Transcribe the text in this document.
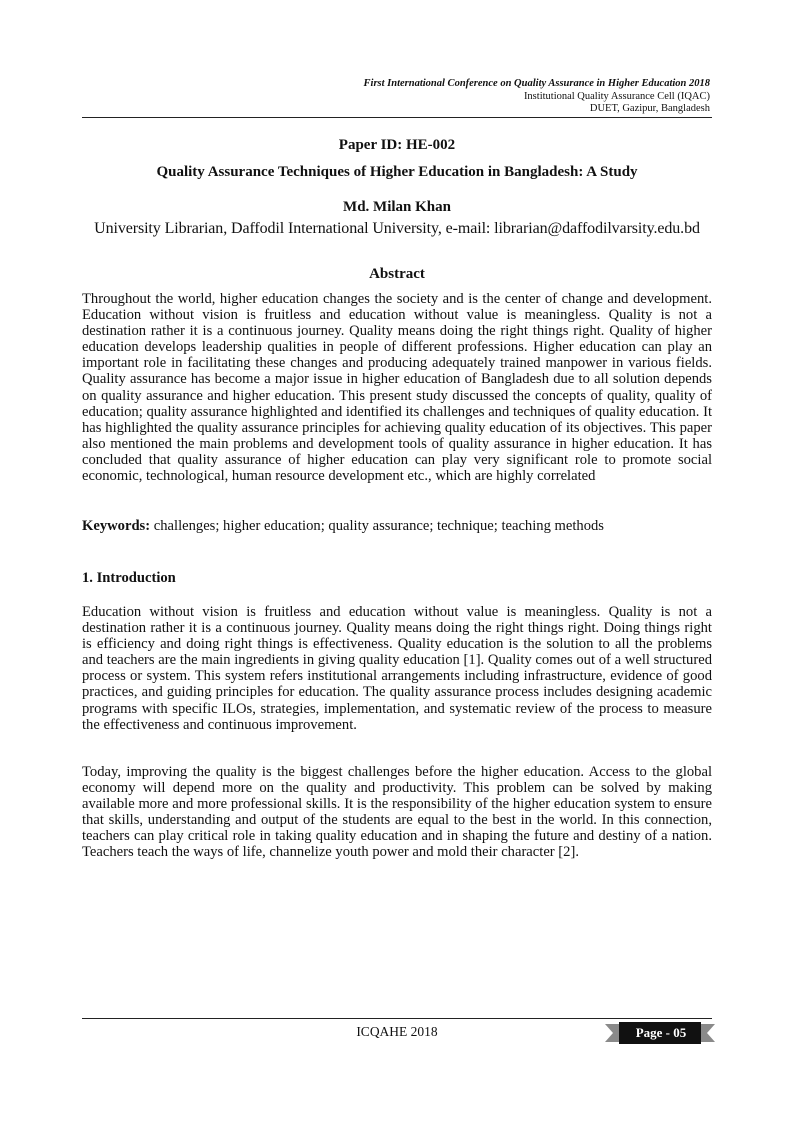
First International Conference on Quality Assurance in Higher Education 2018
Institutional Quality Assurance Cell (IQAC)
DUET, Gazipur, Bangladesh
Paper ID: HE-002
Quality Assurance Techniques of Higher Education in Bangladesh: A Study
Md. Milan Khan
University Librarian, Daffodil International University, e-mail: librarian@daffodilvarsity.edu.bd
Abstract

Throughout the world, higher education changes the society and is the center of change and development. Education without vision is fruitless and education without value is meaningless. Quality is not a destination rather it is a continuous journey. Quality means doing the right things right. Quality of higher education develops leadership qualities in people of different professions. Higher education can play an important role in facilitating these changes and producing adequately trained manpower in various fields. Quality assurance has become a major issue in higher education of Bangladesh due to all solution depends on quality assurance and higher education. This present study discussed the concepts of quality, quality of education; quality assurance highlighted and identified its challenges and techniques of quality education. It has highlighted the quality assurance principles for achieving quality education of its objectives. This paper also mentioned the main problems and development tools of quality assurance in higher education. It has concluded that quality assurance of higher education can play very significant role to promote social economic, technological, human resource development etc., which are highly correlated

Keywords: challenges; higher education; quality assurance; technique; teaching methods

1. Introduction

Education without vision is fruitless and education without value is meaningless. Quality is not a destination rather it is a continuous journey. Quality means doing the right things right. Doing things right is efficiency and doing right things is effectiveness. Quality education is the solution to all the problems and teachers are the main ingredients in giving quality education [1]. Quality comes out of a well structured process or system. This system refers institutional arrangements including infrastructure, evidence of good practices, and guiding principles for education. The quality assurance process includes designing academic programs with specific ILOs, strategies, implementation, and systematic review of the process to measure the effectiveness and continuous improvement.

Today, improving the quality is the biggest challenges before the higher education. Access to the global economy will depend more on the quality and productivity. This problem can be solved by making available more and more professional skills. It is the responsibility of the higher education system to ensure that skills, understanding and output of the students are equal to the best in the world. In this connection, teachers can play critical role in taking quality education and in shaping the future and destiny of a nation. Teachers teach the ways of life, channelize youth power and mold their character [2].

ICQAHE 2018	Page - 05
